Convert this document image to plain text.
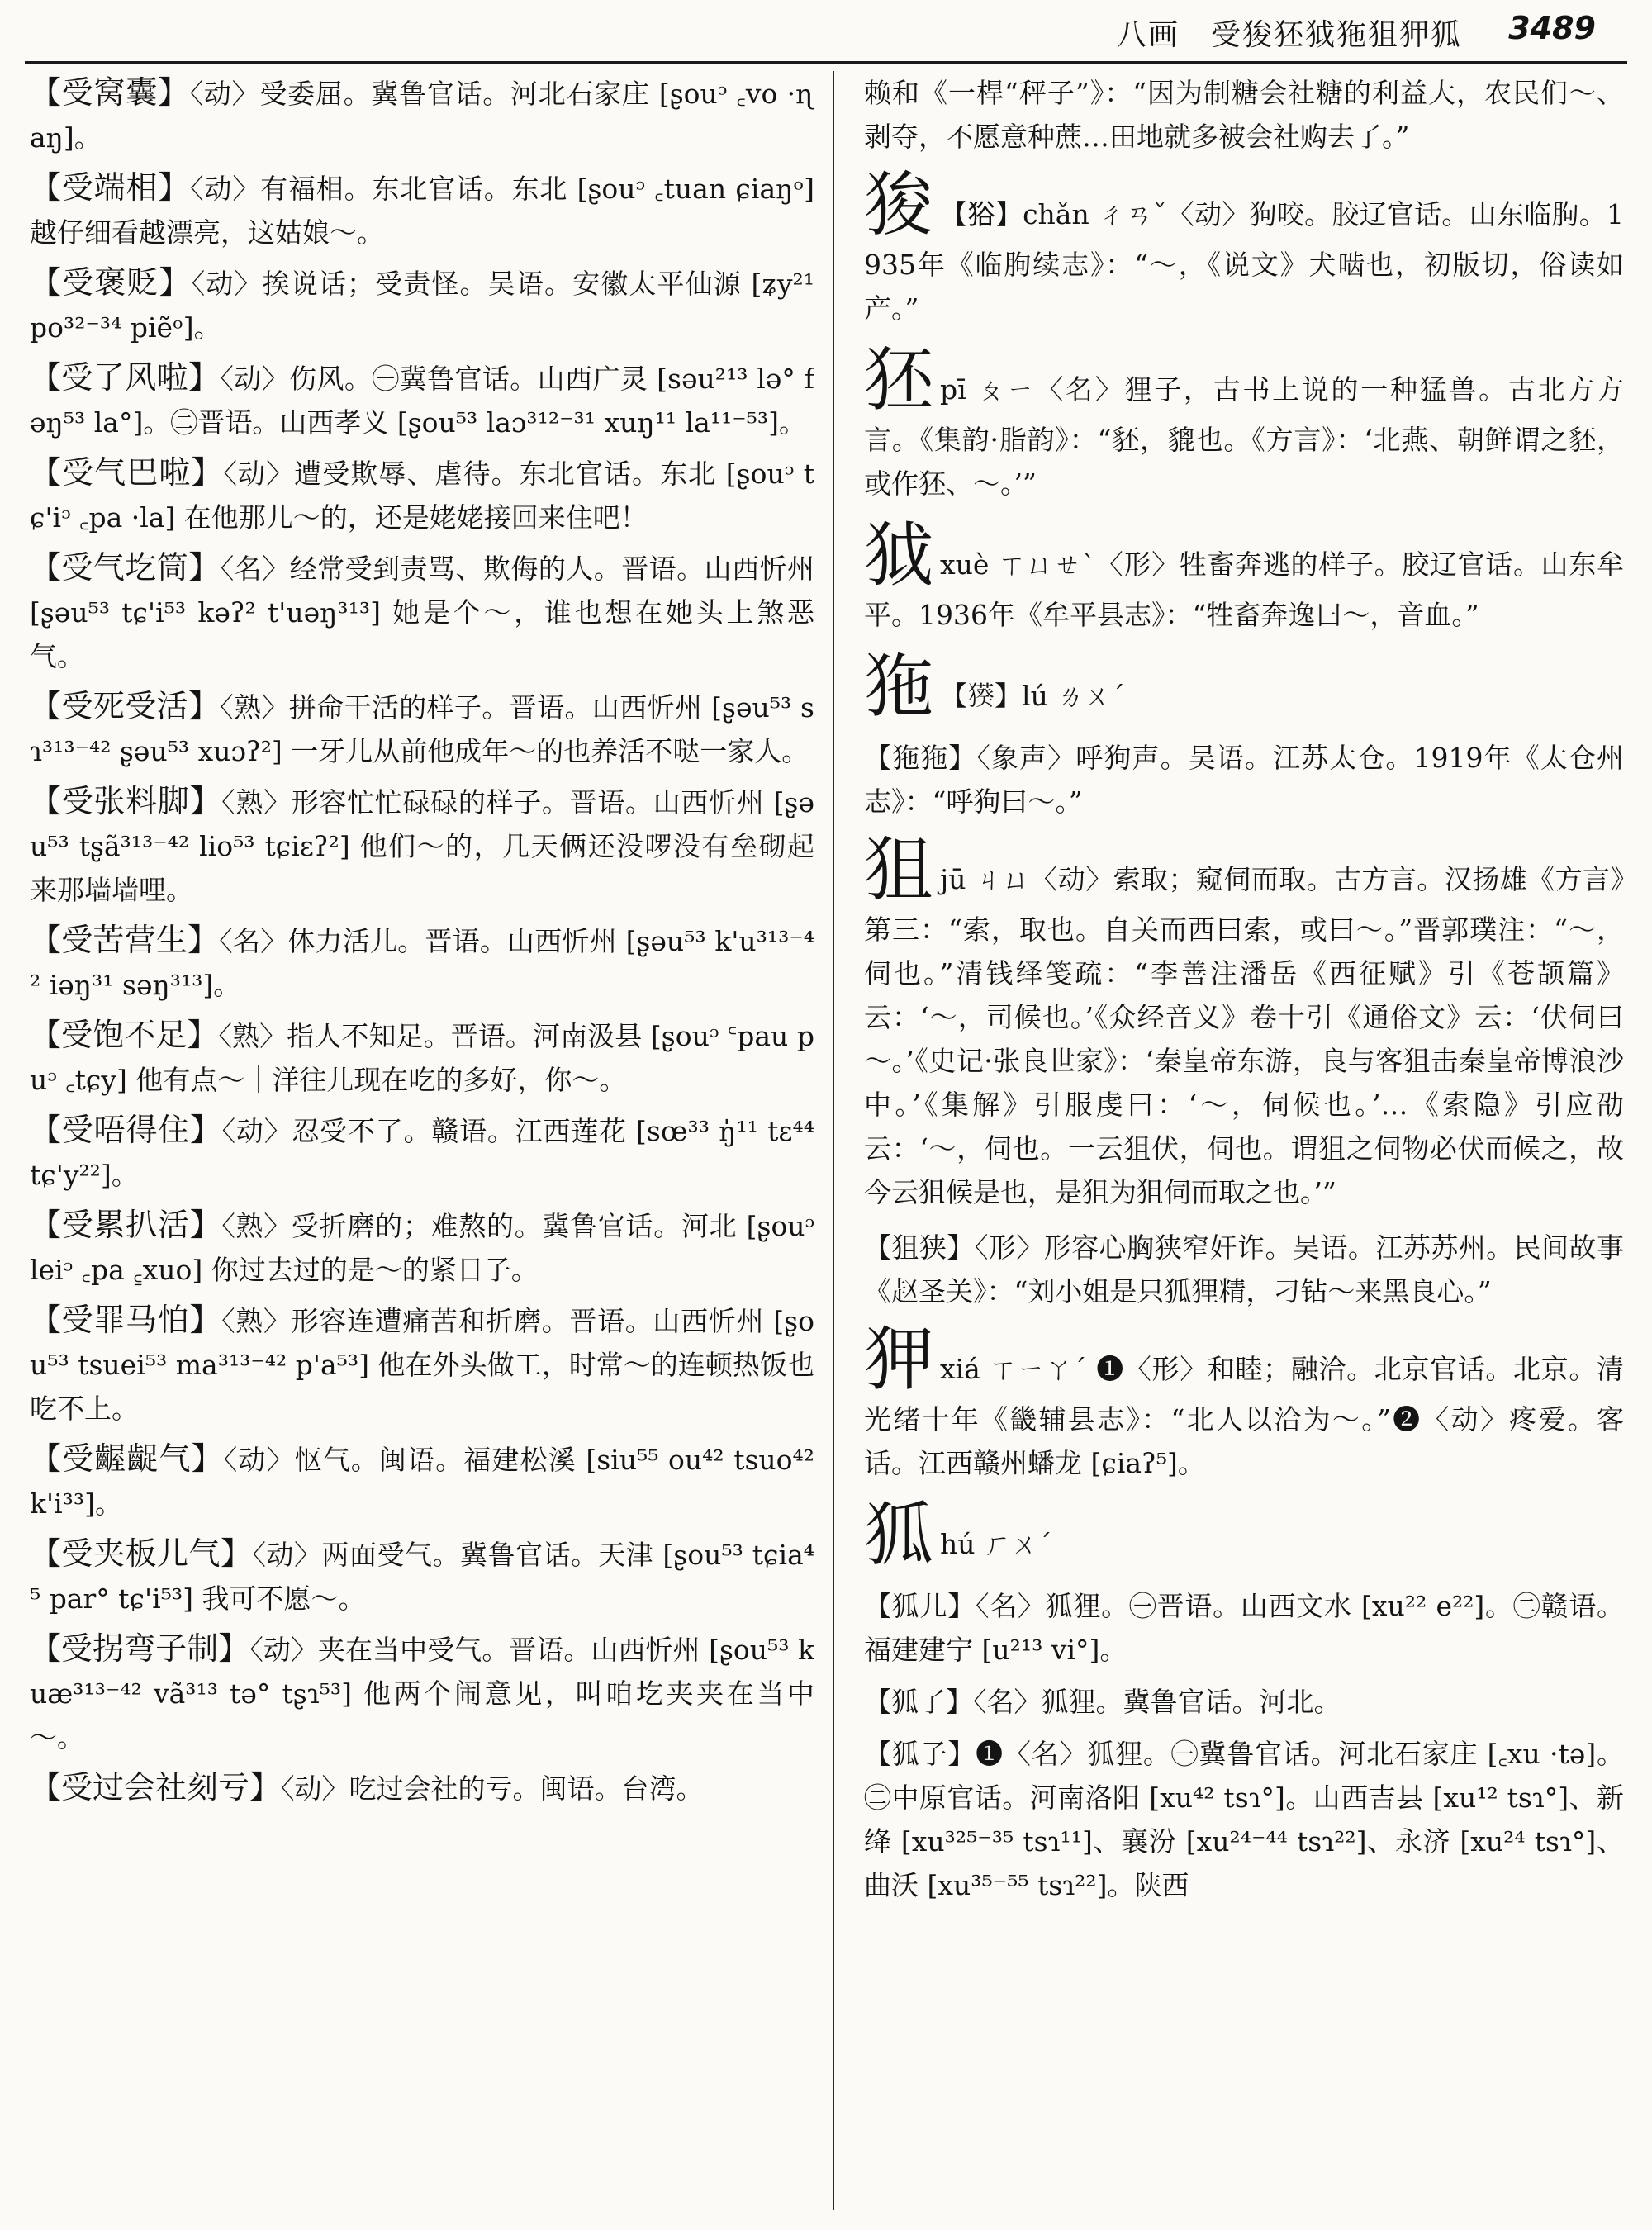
八画　受狻狉狘狏狙狎狐 3489
【受窝囊】〈动〉受委屈。冀鲁官话。河北石家庄 [ʂouᵓ ꜀vo ·ɳaŋ]。
【受端相】〈动〉有福相。东北官话。东北 [ʂouᵓ ꜀tuan ɕiaŋᵒ] 越仔细看越漂亮，这姑娘～。
【受褒贬】〈动〉挨说话；受责怪。吴语。安徽太平仙源 [ʑy²¹ po³²⁻³⁴ piẽᵒ]。
【受了风啦】〈动〉伤风。㊀冀鲁官话。山西广灵 [səu²¹³ lə° fəŋ⁵³ la°]。㊁晋语。山西孝义 [ʂou⁵³ laɔ³¹²⁻³¹ xuŋ¹¹ la¹¹⁻⁵³]。
【受气巴啦】〈动〉遭受欺辱、虐待。东北官话。东北 [ʂouᵓ tɕ'iᵓ ꜀pa ·la] 在他那儿～的，还是姥姥接回来住吧！
【受气圪筒】〈名〉经常受到责骂、欺侮的人。晋语。山西忻州 [ʂəu⁵³ tɕ'i⁵³ kəʔ² t'uəŋ³¹³] 她是个～，谁也想在她头上煞恶气。
【受死受活】〈熟〉拼命干活的样子。晋语。山西忻州 [ʂəu⁵³ sɿ³¹³⁻⁴² ʂəu⁵³ xuɔʔ²] 一牙儿从前他成年～的也养活不哒一家人。
【受张料脚】〈熟〉形容忙忙碌碌的样子。晋语。山西忻州 [ʂəu⁵³ tʂã³¹³⁻⁴² lio⁵³ tɕiɛʔ²] 他们～的，几天俩还没啰没有垒砌起来那墙墙哩。
【受苦营生】〈名〉体力活儿。晋语。山西忻州 [ʂəu⁵³ k'u³¹³⁻⁴² iəŋ³¹ səŋ³¹³]。
【受饱不足】〈熟〉指人不知足。晋语。河南汲县 [ʂouᵓ ꜂pau puᵓ ꜀tɕy] 他有点～｜洋往儿现在吃的多好，你～。
【受唔得住】〈动〉忍受不了。赣语。江西莲花 [sœ³³ ŋ̍¹¹ tɛ⁴⁴ tɕ'y²²]。
【受累扒活】〈熟〉受折磨的；难熬的。冀鲁官话。河北 [ʂouᵓ leiᵓ ꜀pa ꜁xuo] 你过去过的是～的紧日子。
【受罪马怕】〈熟〉形容连遭痛苦和折磨。晋语。山西忻州 [ʂou⁵³ tsuei⁵³ ma³¹³⁻⁴² p'a⁵³] 他在外头做工，时常～的连顿热饭也吃不上。
【受齷齪气】〈动〉怄气。闽语。福建松溪 [siu⁵⁵ ou⁴² tsuo⁴² k'i³³]。
【受夹板儿气】〈动〉两面受气。冀鲁官话。天津 [ʂou⁵³ tɕia⁴⁵ par° tɕ'i⁵³] 我可不愿～。
【受拐弯子制】〈动〉夹在当中受气。晋语。山西忻州 [ʂou⁵³ kuæ³¹³⁻⁴² vã³¹³ tə° tʂɿ⁵³] 他两个闹意见，叫咱圪夹夹在当中～。
【受过会社刻亏】〈动〉吃过会社的亏。闽语。台湾。
赖和《一桿“秤子”》：“因为制糖会社糖的利益大，农民们～、剥夺，不愿意种蔗…田地就多被会社购去了。”
狻 【𤞞】chǎn ㄔㄢˇ〈动〉狗咬。胶辽官话。山东临朐。1935年《临朐续志》：“～，《说文》犬啮也，初版切，俗读如产。”
狉pī ㄆㄧ〈名〉狸子，古书上说的一种猛兽。古北方方言。《集韵·脂韵》：“豾，貔也。《方言》：‘北燕、朝鲜谓之豾，或作狉、～。’”
狘xuè ㄒㄩㄝˋ〈形〉牲畜奔逃的样子。胶辽官话。山东牟平。1936年《牟平县志》：“牲畜奔逸曰～，音血。”
狏 【𤢑】lú ㄌㄨˊ
【狏狏】〈象声〉呼狗声。吴语。江苏太仓。1919年《太仓州志》：“呼狗曰～。”
狙jū ㄐㄩ〈动〉索取；窥伺而取。古方言。汉扬雄《方言》第三：“索，取也。自关而西曰索，或曰～。”晋郭璞注：“～，伺也。”清钱绎笺疏：“李善注潘岳《西征赋》引《苍颉篇》云：‘～，司候也。’《众经音义》卷十引《通俗文》云：‘伏伺曰～。’《史记·张良世家》：‘秦皇帝东游，良与客狙击秦皇帝博浪沙中。’《集解》引服虔曰：‘～，伺候也。’…《索隐》引应劭云：‘～，伺也。一云狙伏，伺也。谓狙之伺物必伏而候之，故今云狙候是也，是狙为狙伺而取之也。’”
【狙狭】〈形〉形容心胸狭窄奸诈。吴语。江苏苏州。民间故事《赵圣关》：“刘小姐是只狐狸精，刁钻～来黑良心。”
狎xiá ㄒㄧㄚˊ ❶〈形〉和睦；融洽。北京官话。北京。清光绪十年《畿辅县志》：“北人以洽为～。”❷〈动〉疼爱。客话。江西赣州蟠龙 [ɕiaʔ⁵]。
狐hú ㄏㄨˊ
【狐儿】〈名〉狐狸。㊀晋语。山西文水 [xu²² e²²]。㊁赣语。福建建宁 [u²¹³ vi°]。
【狐了】〈名〉狐狸。冀鲁官话。河北。
【狐子】❶〈名〉狐狸。㊀冀鲁官话。河北石家庄 [꜀xu ·tə]。㊁中原官话。河南洛阳 [xu⁴² tsɿ°]。山西吉县 [xu¹² tsɿ°]、新绛 [xu³²⁵⁻³⁵ tsɿ¹¹]、襄汾 [xu²⁴⁻⁴⁴ tsɿ²²]、永济 [xu²⁴ tsɿ°]、曲沃 [xu³⁵⁻⁵⁵ tsɿ²²]。陕西
